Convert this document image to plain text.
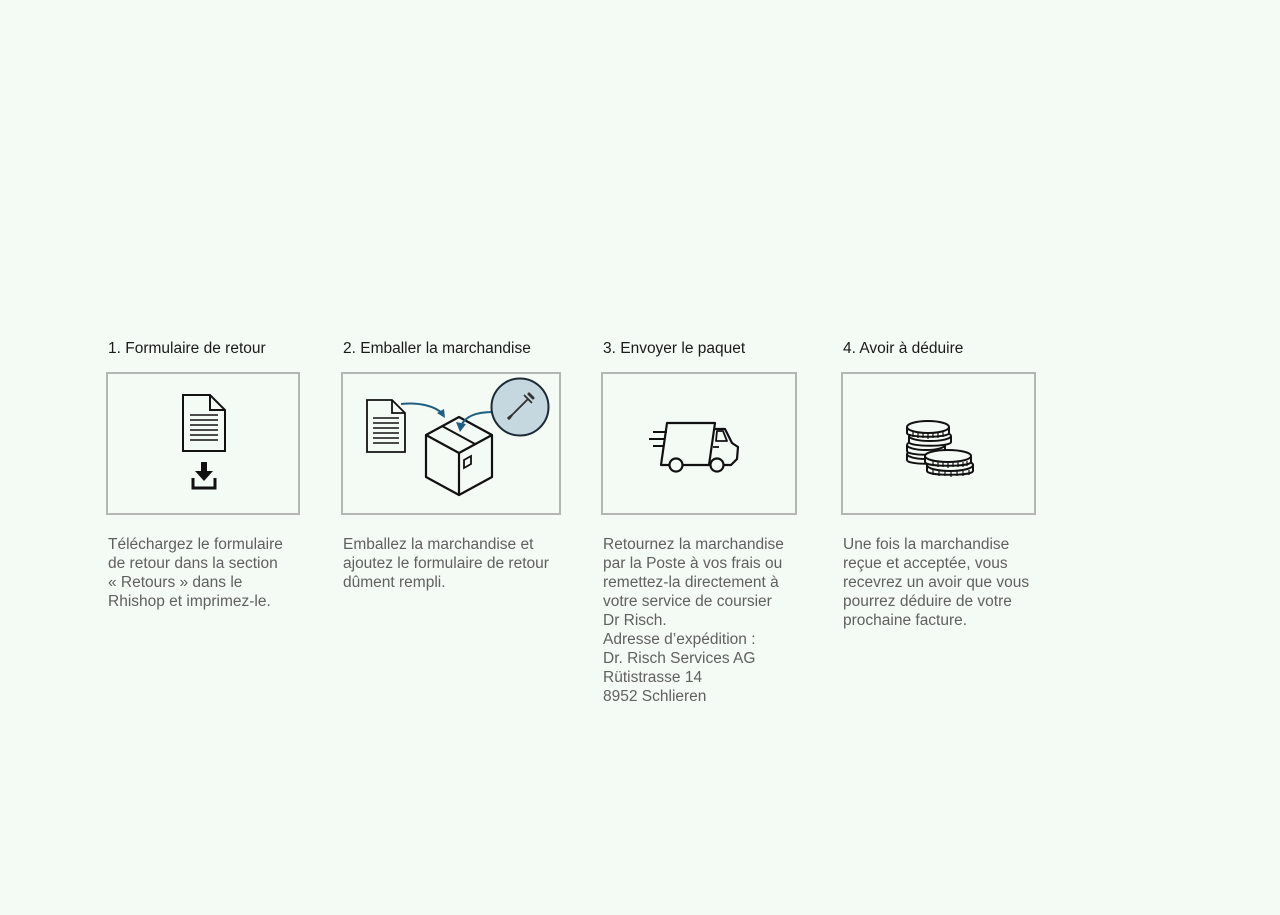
1. Formulaire de retour
Téléchargez le formulaire
de retour dans la section
« Retours » dans le
Rhishop et imprimez-le.
2. Emballer la marchandise
Emballez la marchandise et
ajoutez le formulaire de retour
dûment rempli.
3. Envoyer le paquet
Retournez la marchandise
par la Poste à vos frais ou
remettez-la directement à
votre service de coursier
Dr Risch.
Adresse d’expédition :
Dr. Risch Services AG
Rütistrasse 14
8952 Schlieren
4. Avoir à déduire
Une fois la marchandise
reçue et acceptée, vous
recevrez un avoir que vous
pourrez déduire de votre
prochaine facture.
